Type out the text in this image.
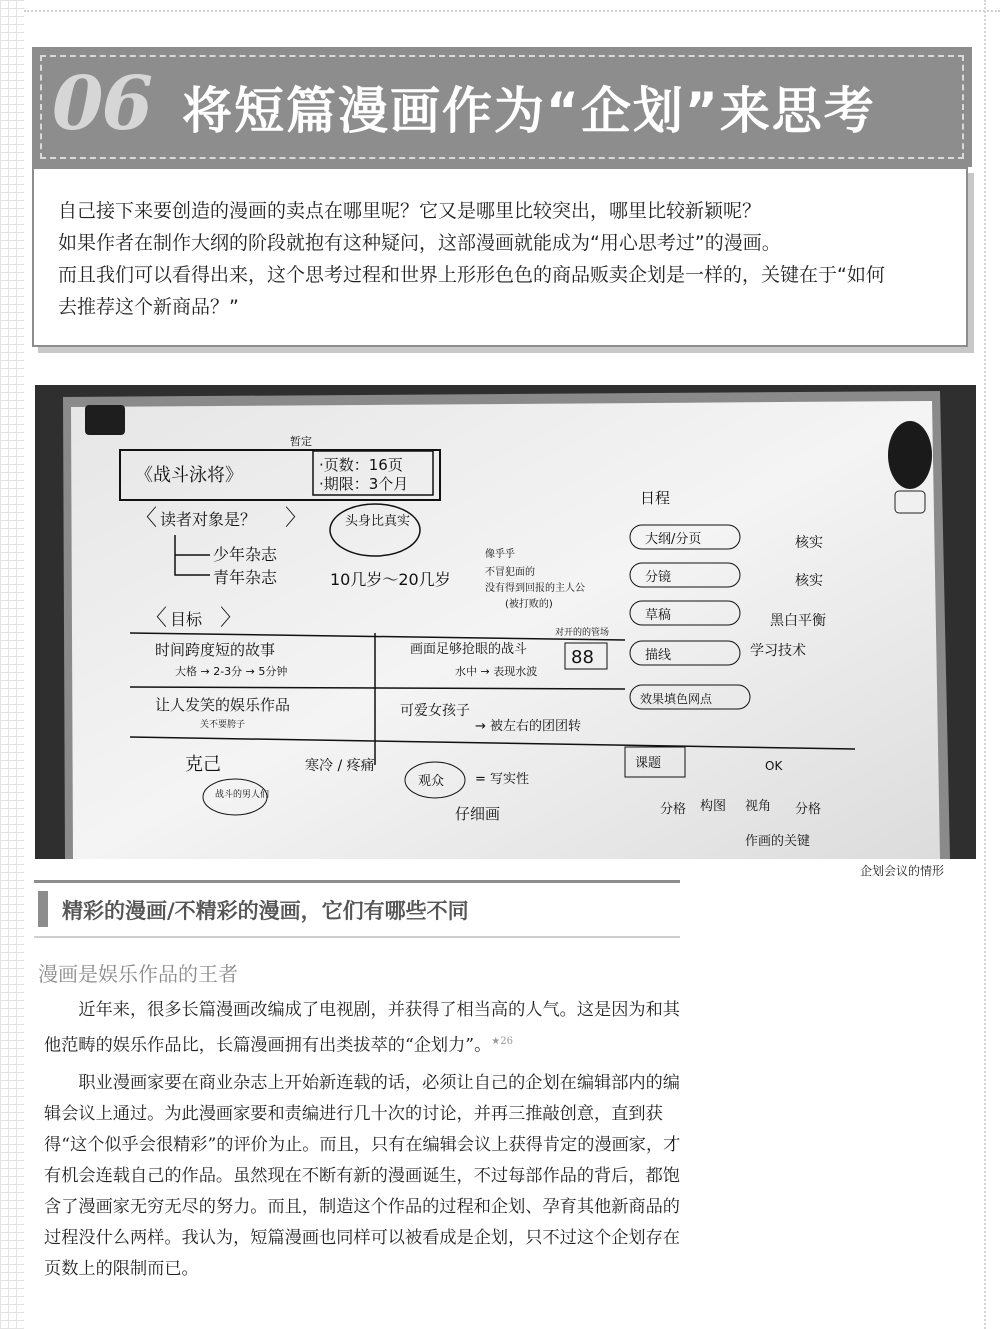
06 将短篇漫画作为“企划”来思考

自己接下来要创造的漫画的卖点在哪里呢？它又是哪里比较突出，哪里比较新颖呢？

如果作者在制作大纲的阶段就抱有这种疑问，这部漫画就能成为“用心思考过”的漫画。

而且我们可以看得出来，这个思考过程和世界上形形色色的商品贩卖企划是一样的，关键在于“如何

去推荐这个新商品？”

《战斗泳将》
暂定
·页数：16页
·期限：3个月
〈 读者对象是？ 〉	头身比真实
少年杂志
青年杂志	10几岁～20几岁
像乎乎
不冒犯面的
没有得到回报的主人公
(被打败的)
〈 目标 〉
时间跨度短的故事
大格 → 2-3分 → 5分钟
画面足够抢眼的战斗
水中 → 表现水波
对开的的管场
88
让人发笑的娱乐作品
关不要胯子
可爱女孩子
→ 被左右的团团转
克己	寒冷 / 疼痛
战斗的男人们
观众 = 写实性
仔细画
日程
大纲/分页
分镜
草稿
描线
效果填色网点
核实
核实
黑白平衡
学习技术
课题	OK
分格 构图 视角 分格
作画的关键
企划会议的情形
精彩的漫画/不精彩的漫画，它们有哪些不同
漫画是娱乐作品的王者

近年来，很多长篇漫画改编成了电视剧，并获得了相当高的人气。这是因为和其他范畴的娱乐作品比，长篇漫画拥有出类拔萃的“企划力”。$^{★26}$

职业漫画家要在商业杂志上开始新连载的话，必须让自己的企划在编辑部内的编辑会议上通过。为此漫画家要和责编进行几十次的讨论，并再三推敲创意，直到获得“这个似乎会很精彩”的评价为止。而且，只有在编辑会议上获得肯定的漫画家，才有机会连载自己的作品。虽然现在不断有新的漫画诞生，不过每部作品的背后，都饱含了漫画家无穷无尽的努力。而且，制造这个作品的过程和企划、孕育其他新商品的过程没什么两样。我认为，短篇漫画也同样可以被看成是企划，只不过这个企划存在页数上的限制而已。
